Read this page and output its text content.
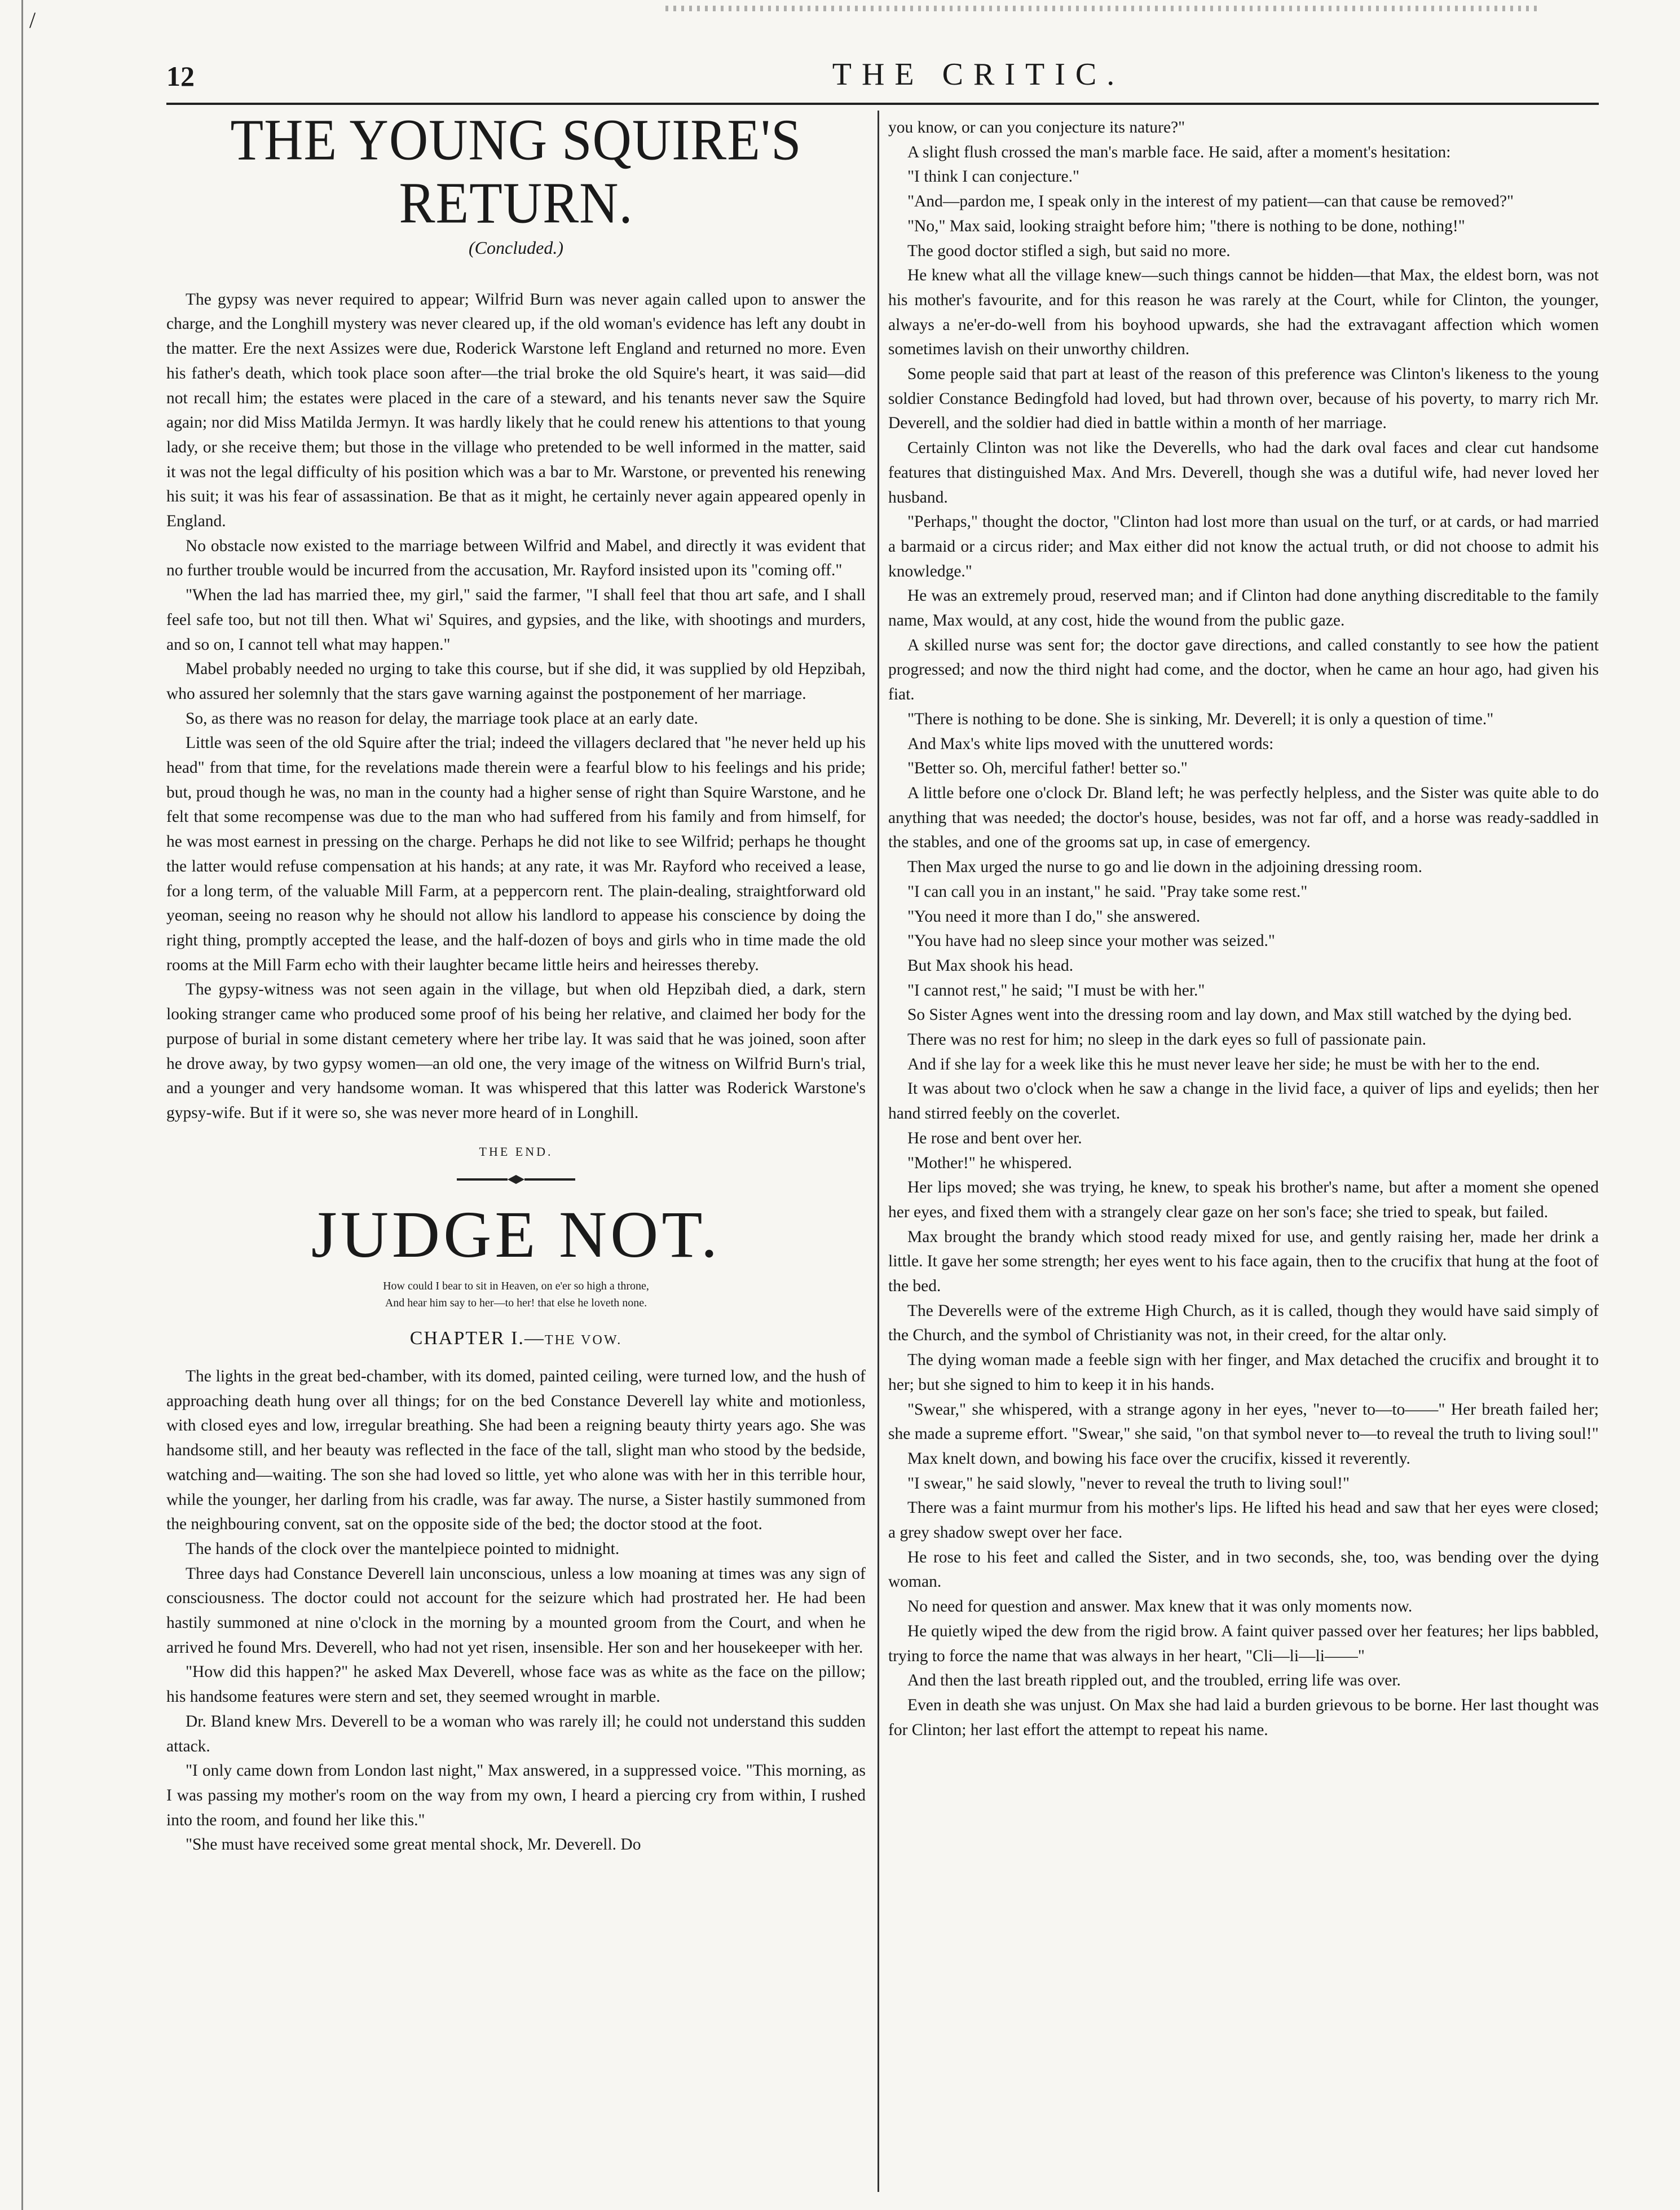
/
12	THE CRITIC.
THE YOUNG SQUIRE'S RETURN.
(Concluded.)

The gypsy was never required to appear; Wilfrid Burn was never again called upon to answer the charge, and the Longhill mystery was never cleared up, if the old woman's evidence has left any doubt in the matter. Ere the next Assizes were due, Roderick Warstone left England and returned no more. Even his father's death, which took place soon after—the trial broke the old Squire's heart, it was said—did not recall him; the estates were placed in the care of a steward, and his tenants never saw the Squire again; nor did Miss Matilda Jermyn. It was hardly likely that he could renew his attentions to that young lady, or she receive them; but those in the village who pretended to be well informed in the matter, said it was not the legal difficulty of his position which was a bar to Mr. Warstone, or prevented his renewing his suit; it was his fear of assassination. Be that as it might, he certainly never again appeared openly in England.

No obstacle now existed to the marriage between Wilfrid and Mabel, and directly it was evident that no further trouble would be incurred from the accusation, Mr. Rayford insisted upon its "coming off."

"When the lad has married thee, my girl," said the farmer, "I shall feel that thou art safe, and I shall feel safe too, but not till then. What wi' Squires, and gypsies, and the like, with shootings and murders, and so on, I cannot tell what may happen."

Mabel probably needed no urging to take this course, but if she did, it was supplied by old Hepzibah, who assured her solemnly that the stars gave warning against the postponement of her marriage.

So, as there was no reason for delay, the marriage took place at an early date.

Little was seen of the old Squire after the trial; indeed the villagers declared that "he never held up his head" from that time, for the revelations made therein were a fearful blow to his feelings and his pride; but, proud though he was, no man in the county had a higher sense of right than Squire Warstone, and he felt that some recompense was due to the man who had suffered from his family and from himself, for he was most earnest in pressing on the charge. Perhaps he did not like to see Wilfrid; perhaps he thought the latter would refuse compensation at his hands; at any rate, it was Mr. Rayford who received a lease, for a long term, of the valuable Mill Farm, at a peppercorn rent. The plain-dealing, straightforward old yeoman, seeing no reason why he should not allow his landlord to appease his conscience by doing the right thing, promptly accepted the lease, and the half-dozen of boys and girls who in time made the old rooms at the Mill Farm echo with their laughter became little heirs and heiresses thereby.

The gypsy-witness was not seen again in the village, but when old Hepzibah died, a dark, stern looking stranger came who produced some proof of his being her relative, and claimed her body for the purpose of burial in some distant cemetery where her tribe lay. It was said that he was joined, soon after he drove away, by two gypsy women—an old one, the very image of the witness on Wilfrid Burn's trial, and a younger and very handsome woman. It was whispered that this latter was Roderick Warstone's gypsy-wife. But if it were so, she was never more heard of in Longhill.

THE END.
JUDGE NOT.
How could I bear to sit in Heaven, on e'er so high a throne,
And hear him say to her—to her! that else he loveth none.
CHAPTER I.—THE VOW.

The lights in the great bed-chamber, with its domed, painted ceiling, were turned low, and the hush of approaching death hung over all things; for on the bed Constance Deverell lay white and motionless, with closed eyes and low, irregular breathing. She had been a reigning beauty thirty years ago. She was handsome still, and her beauty was reflected in the face of the tall, slight man who stood by the bedside, watching and—waiting. The son she had loved so little, yet who alone was with her in this terrible hour, while the younger, her darling from his cradle, was far away. The nurse, a Sister hastily summoned from the neighbouring convent, sat on the opposite side of the bed; the doctor stood at the foot.

The hands of the clock over the mantelpiece pointed to midnight.

Three days had Constance Deverell lain unconscious, unless a low moaning at times was any sign of consciousness. The doctor could not account for the seizure which had prostrated her. He had been hastily summoned at nine o'clock in the morning by a mounted groom from the Court, and when he arrived he found Mrs. Deverell, who had not yet risen, insensible. Her son and her housekeeper with her.

"How did this happen?" he asked Max Deverell, whose face was as white as the face on the pillow; his handsome features were stern and set, they seemed wrought in marble.

Dr. Bland knew Mrs. Deverell to be a woman who was rarely ill; he could not understand this sudden attack.

"I only came down from London last night," Max answered, in a suppressed voice. "This morning, as I was passing my mother's room on the way from my own, I heard a piercing cry from within, I rushed into the room, and found her like this."

"She must have received some great mental shock, Mr. Deverell. Do

you know, or can you conjecture its nature?"

A slight flush crossed the man's marble face. He said, after a moment's hesitation:

"I think I can conjecture."

"And—pardon me, I speak only in the interest of my patient—can that cause be removed?"

"No," Max said, looking straight before him; "there is nothing to be done, nothing!"

The good doctor stifled a sigh, but said no more.

He knew what all the village knew—such things cannot be hidden—that Max, the eldest born, was not his mother's favourite, and for this reason he was rarely at the Court, while for Clinton, the younger, always a ne'er-do-well from his boyhood upwards, she had the extravagant affection which women sometimes lavish on their unworthy children.

Some people said that part at least of the reason of this preference was Clinton's likeness to the young soldier Constance Bedingfold had loved, but had thrown over, because of his poverty, to marry rich Mr. Deverell, and the soldier had died in battle within a month of her marriage.

Certainly Clinton was not like the Deverells, who had the dark oval faces and clear cut handsome features that distinguished Max. And Mrs. Deverell, though she was a dutiful wife, had never loved her husband.

"Perhaps," thought the doctor, "Clinton had lost more than usual on the turf, or at cards, or had married a barmaid or a circus rider; and Max either did not know the actual truth, or did not choose to admit his knowledge."

He was an extremely proud, reserved man; and if Clinton had done anything discreditable to the family name, Max would, at any cost, hide the wound from the public gaze.

A skilled nurse was sent for; the doctor gave directions, and called constantly to see how the patient progressed; and now the third night had come, and the doctor, when he came an hour ago, had given his fiat.

"There is nothing to be done. She is sinking, Mr. Deverell; it is only a question of time."

And Max's white lips moved with the unuttered words:

"Better so. Oh, merciful father! better so."

A little before one o'clock Dr. Bland left; he was perfectly helpless, and the Sister was quite able to do anything that was needed; the doctor's house, besides, was not far off, and a horse was ready-saddled in the stables, and one of the grooms sat up, in case of emergency.

Then Max urged the nurse to go and lie down in the adjoining dressing room.

"I can call you in an instant," he said. "Pray take some rest."

"You need it more than I do," she answered.

"You have had no sleep since your mother was seized."

But Max shook his head.

"I cannot rest," he said; "I must be with her."

So Sister Agnes went into the dressing room and lay down, and Max still watched by the dying bed.

There was no rest for him; no sleep in the dark eyes so full of passionate pain.

And if she lay for a week like this he must never leave her side; he must be with her to the end.

It was about two o'clock when he saw a change in the livid face, a quiver of lips and eyelids; then her hand stirred feebly on the coverlet.

He rose and bent over her.

"Mother!" he whispered.

Her lips moved; she was trying, he knew, to speak his brother's name, but after a moment she opened her eyes, and fixed them with a strangely clear gaze on her son's face; she tried to speak, but failed.

Max brought the brandy which stood ready mixed for use, and gently raising her, made her drink a little. It gave her some strength; her eyes went to his face again, then to the crucifix that hung at the foot of the bed.

The Deverells were of the extreme High Church, as it is called, though they would have said simply of the Church, and the symbol of Christianity was not, in their creed, for the altar only.

The dying woman made a feeble sign with her finger, and Max detached the crucifix and brought it to her; but she signed to him to keep it in his hands.

"Swear," she whispered, with a strange agony in her eyes, "never to—to——" Her breath failed her; she made a supreme effort. "Swear," she said, "on that symbol never to—to reveal the truth to living soul!"

Max knelt down, and bowing his face over the crucifix, kissed it reverently.

"I swear," he said slowly, "never to reveal the truth to living soul!"

There was a faint murmur from his mother's lips. He lifted his head and saw that her eyes were closed; a grey shadow swept over her face.

He rose to his feet and called the Sister, and in two seconds, she, too, was bending over the dying woman.

No need for question and answer. Max knew that it was only moments now.

He quietly wiped the dew from the rigid brow. A faint quiver passed over her features; her lips babbled, trying to force the name that was always in her heart, "Cli—li—li——"

And then the last breath rippled out, and the troubled, erring life was over.

Even in death she was unjust. On Max she had laid a burden grievous to be borne. Her last thought was for Clinton; her last effort the attempt to repeat his name.
